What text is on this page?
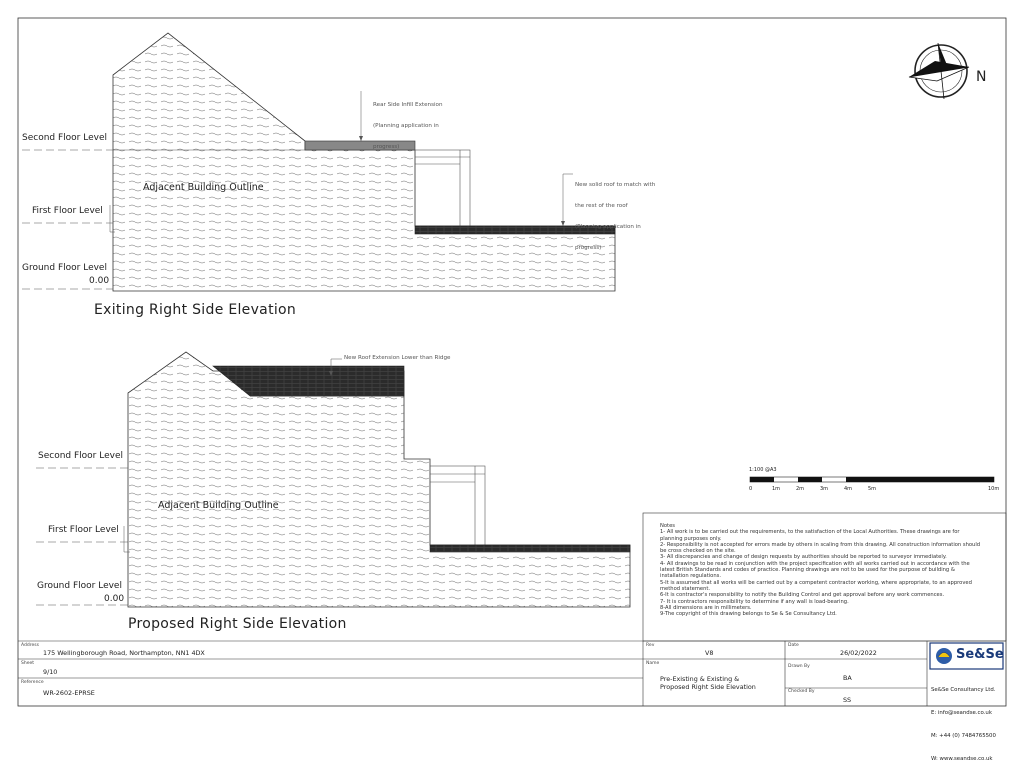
Second Floor Level
First Floor Level
Ground Floor Level
0.00
Adjacent Building Outline
Exiting Right Side Elevation

Rear Side Infill Extension

(Planning application in

progress)

New solid roof to match with

the rest of the roof

(Planning application in

progress)

Second Floor Level
First Floor Level
Ground Floor Level
0.00
Adjacent Building Outline
Proposed Right Side Elevation
New Roof Extension Lower than Ridge
N
1:100 @A3
0	1m	2m	3m	4m	5m	10m
Notes
1- All work is to be carried out the requirements, to the satisfaction of the Local Authorities. These drawings are for planning purposes only.
2- Responsibility is not accepted for errors made by others in scaling from this drawing. All construction information should be cross checked on the site.
3- All discrepancies and change of design requests by authorities should be reported to surveyor immediately.
4- All drawings to be read in conjunction with the project specification with all works carried out in accordance with the latest British Standards and codes of practice. Planning drawings are not to be used for the purpose of building & installation regulations.
5-It is assumed that all works will be carried out by a competent contractor working, where appropriate, to an approved method statement.
6-It is contractor's responsibility to notify the Building Control and get approval before any work commences.
7- It is contractors responsibility to determine if any wall is load-bearing.
8-All dimensions are in millimeters.
9-The copyright of this drawing belongs to Se & Se Consultancy Ltd.
Address
175 Wellingborough Road, Northampton, NN1 4DX
Sheet
9/10
Reference
WR-2602-EPRSE
Rev
V8
Date
26/02/2022
Name
Pre-Existing & Existing &
Proposed Right Side Elevation
Drawn By
BA
Checked By
SS
Se&Se

Se&Se Consultancy Ltd.

E: info@seandse.co.uk

M: +44 (0) 7484765500

W: www.seandse.co.uk
